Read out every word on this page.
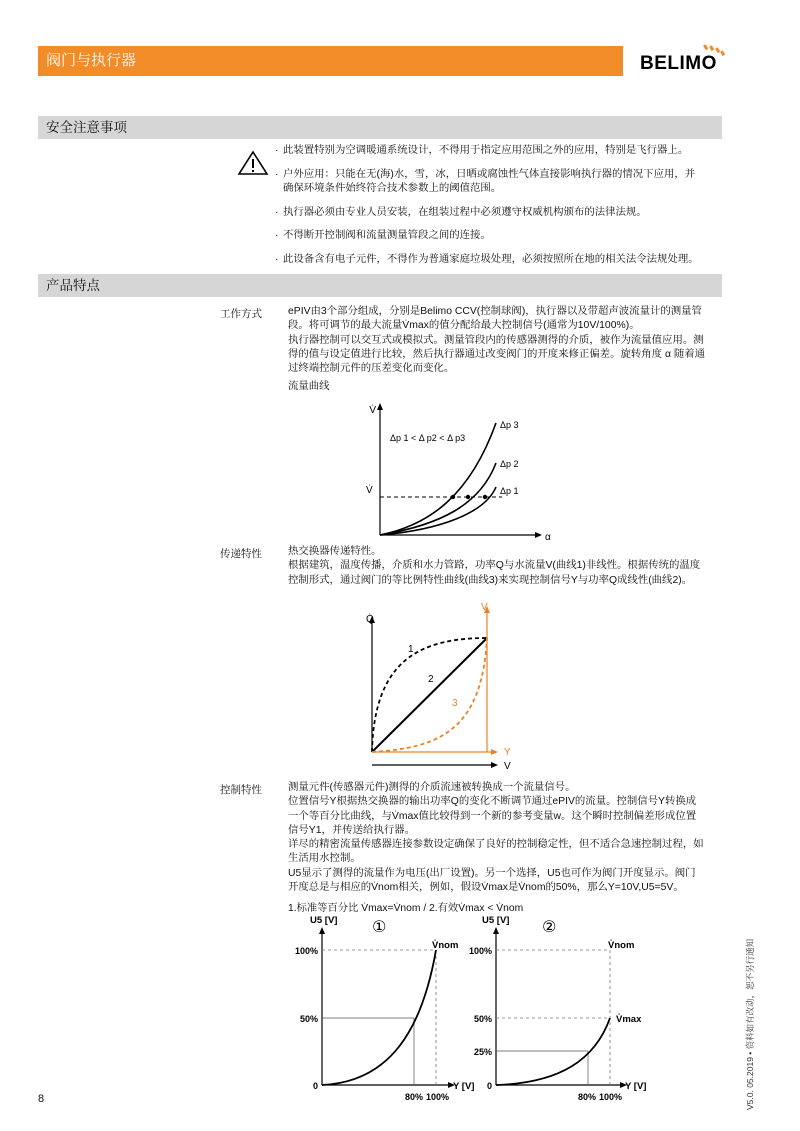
阀门与执行器	BELIMO
安全注意事项
· 此装置特别为空调暖通系统设计，不得用于指定应用范围之外的应用，特别是飞行器上。
· 户外应用：只能在无(海)水，雪，冰，日晒或腐蚀性气体直接影响执行器的情况下应用，并
确保环境条件始终符合技术参数上的阈值范围。
· 执行器必须由专业人员安装，在组装过程中必须遵守权威机构颁布的法律法规。
· 不得断开控制阀和流量测量管段之间的连接。
· 此设备含有电子元件，不得作为普通家庭垃圾处理，必须按照所在地的相关法令法规处理。
产品特点
工作方式	ePIV由3个部分组成，分别是Belimo CCV(控制球阀)，执行器以及带超声波流量计的测量管
段。将可调节的最大流量V̇max的值分配给最大控制信号(通常为10V/100%)。
执行器控制可以交互式或模拟式。测量管段内的传感器测得的介质，被作为流量值应用。测
得的值与设定值进行比较，然后执行器通过改变阀门的开度来修正偏差。旋转角度 α 随着通
过终端控制元件的压差变化而变化。
流量曲线
V̇
α
Δp 1 < Δ p2 < Δ p3
V̇
Δp 3
Δp 2
Δp 1
传递特性	热交换器传递特性。
根据建筑，温度传播，介质和水力管路，功率Q与水流量V(曲线1)非线性。根据传统的温度
控制形式，通过阀门的等比例特性曲线(曲线3)来实现控制信号Y与功率Q成线性(曲线2)。
Q̇
V
Y
V
1
2
3
控制特性	测量元件(传感器元件)测得的介质流速被转换成一个流量信号。
位置信号Y根据热交换器的输出功率Q的变化不断调节通过ePIV的流量。控制信号Y转换成
一个等百分比曲线，与V̇max值比较得到一个新的参考变量w。这个瞬时控制偏差形成位置
信号Y1，并传送给执行器。
详尽的精密流量传感器连接参数设定确保了良好的控制稳定性，但不适合急速控制过程，如
生活用水控制。
U5显示了测得的流量作为电压(出厂设置)。另一个选择，U5也可作为阀门开度显示。阀门
开度总是与相应的V̇nom相关，例如，假设V̇max是V̇nom的50%，那么Y=10V,U5=5V。
1.标准等百分比 V̇max=V̇nom / 2.有效V̇max < V̇nom
U5 [V] ①
V̇nom
100%
50%
0
80% 100%
Y [V]
U5 [V] ②
V̇nom
V̇max
100%
50%
25%
0
80% 100%
Y [V]
8	V5.0. 05.2019 • 资料如有改动，恕不另行通知
